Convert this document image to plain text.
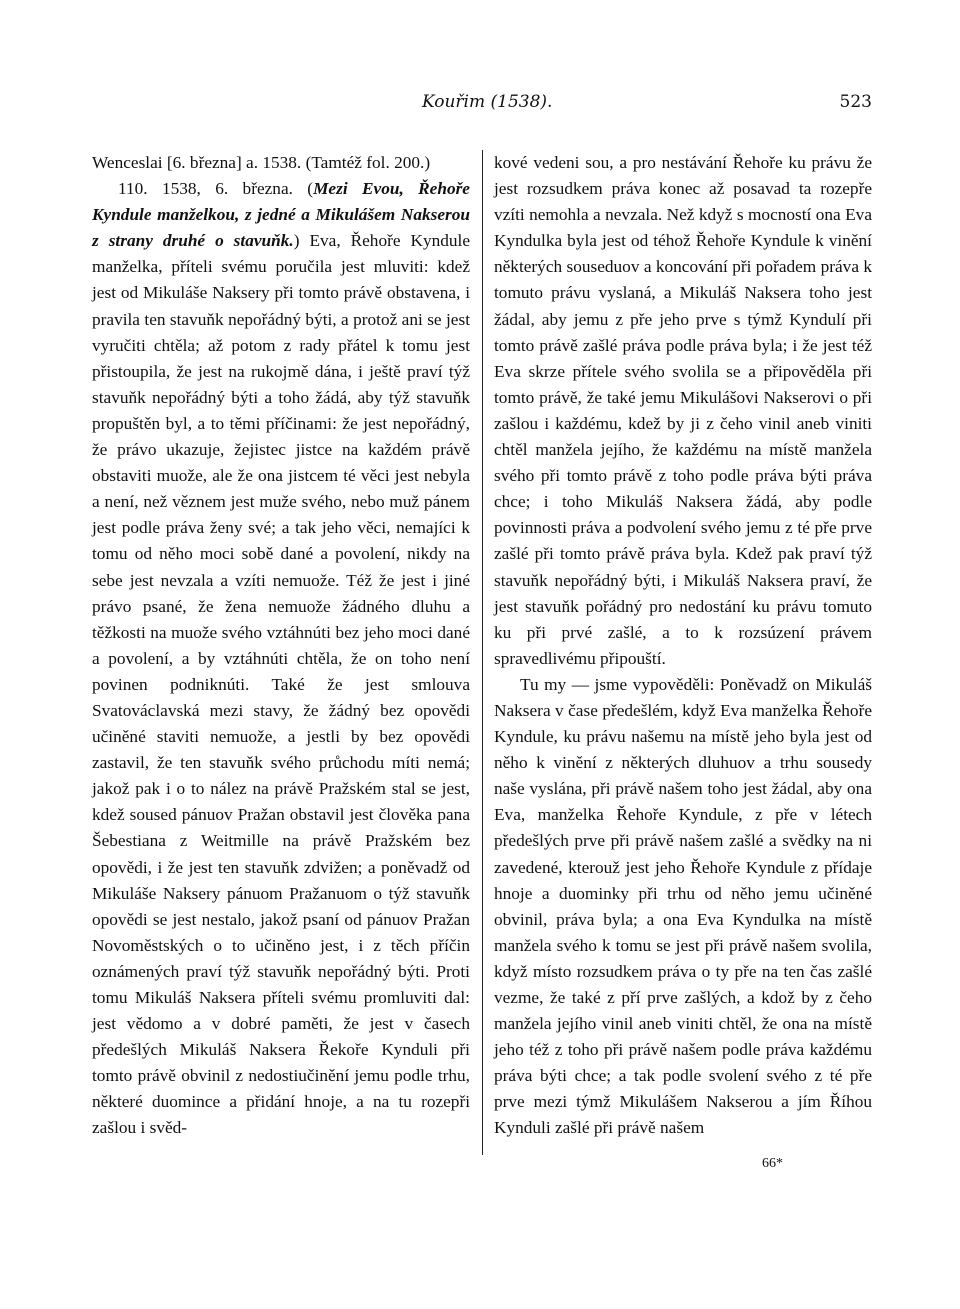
Kouřim (1538).	523

Wenceslai [6. března] a. 1538. (Tamtéž fol. 200.)

110. 1538, 6. března. (Mezi Evou, Řehoře Kyndule manželkou, z jedné a Mikulášem Nakserou z strany druhé o stavuňk.) Eva, Řehoře Kyndule manželka, příteli svému poručila jest mluviti: kdež jest od Mikuláše Naksery při tomto právě obstavena, i pravila ten stavuňk nepořádný býti, a protož ani se jest vyručiti chtěla; až potom z rady přátel k tomu jest přistoupila, že jest na rukojmě dána, i ještě praví týž stavuňk nepořádný býti a toho žádá, aby týž stavuňk propuštěn byl, a to těmi příčinami: že jest nepořádný, že právo ukazuje, žejistec jistce na každém právě obstaviti muože, ale že ona jistcem té věci jest nebyla a není, než věznem jest muže svého, nebo muž pánem jest podle práva ženy své; a tak jeho věci, nemajíci k tomu od něho moci sobě dané a povolení, nikdy na sebe jest nevzala a vzíti nemuože. Též že jest i jiné právo psané, že žena nemuože žádného dluhu a těžkosti na muože svého vztáhnúti bez jeho moci dané a povolení, a by vztáhnúti chtěla, že on toho není povinen podniknúti. Také že jest smlouva Svatováclavská mezi stavy, že žádný bez opovědi učiněné staviti nemuože, a jestli by bez opovědi zastavil, že ten stavuňk svého průchodu míti nemá; jakož pak i o to nález na právě Pražském stal se jest, kdež soused pánuov Pražan obstavil jest člověka pana Šebestiana z Weitmille na právě Pražském bez opovědi, i že jest ten stavuňk zdvižen; a poněvadž od Mikuláše Naksery pánuom Pražanuom o týž stavuňk opovědi se jest nestalo, jakož psaní od pánuov Pražan Novoměstských o to učiněno jest, i z těch příčin oznámených praví týž stavuňk nepořádný býti. Proti tomu Mikuláš Naksera příteli svému promluviti dal: jest vědomo a v dobré paměti, že jest v časech předešlých Mikuláš Naksera Řekoře Kynduli při tomto právě obvinil z nedostiučinění jemu podle trhu, některé duomince a přidání hnoje, a na tu rozepři zašlou i svěd-

kové vedeni sou, a pro nestávání Řehoře ku právu že jest rozsudkem práva konec až posavad ta rozepře vzíti nemohla a nevzala. Než když s mocností ona Eva Kyndulka byla jest od téhož Řehoře Kyndule k vinění některých souseduov a koncování při pořadem práva k tomuto právu vyslaná, a Mikuláš Naksera toho jest žádal, aby jemu z pře jeho prve s týmž Kyndulí při tomto právě zašlé práva podle práva byla; i že jest též Eva skrze přítele svého svolila se a připověděla při tomto právě, že také jemu Mikulášovi Nakserovi o při zašlou i každému, kdež by ji z čeho vinil aneb viniti chtěl manžela jejího, že každému na místě manžela svého při tomto právě z toho podle práva býti práva chce; i toho Mikuláš Naksera žádá, aby podle povinnosti práva a podvolení svého jemu z té pře prve zašlé při tomto právě práva byla. Kdež pak praví týž stavuňk nepořádný býti, i Mikuláš Naksera praví, že jest stavuňk pořádný pro nedostání ku právu tomuto ku při prvé zašlé, a to k rozsúzení právem spravedlivému připouští.

Tu my — jsme vypověděli: Poněvadž on Mikuláš Naksera v čase předešlém, když Eva manželka Řehoře Kyndule, ku právu našemu na místě jeho byla jest od něho k vinění z některých dluhuov a trhu sousedy naše vyslána, při právě našem toho jest žádal, aby ona Eva, manželka Řehoře Kyndule, z pře v létech předešlých prve při právě našem zašlé a svědky na ni zavedené, kterouž jest jeho Řehoře Kyndule z přídaje hnoje a duominky při trhu od něho jemu učiněné obvinil, práva byla; a ona Eva Kyndulka na místě manžela svého k tomu se jest při právě našem svolila, když místo rozsudkem práva o ty pře na ten čas zašlé vezme, že také z pří prve zašlých, a kdož by z čeho manžela jejího vinil aneb viniti chtěl, že ona na místě jeho též z toho při právě našem podle práva každému práva býti chce; a tak podle svolení svého z té pře prve mezi týmž Mikulášem Nakserou a jím Říhou Kynduli zašlé při právě našem

66*
